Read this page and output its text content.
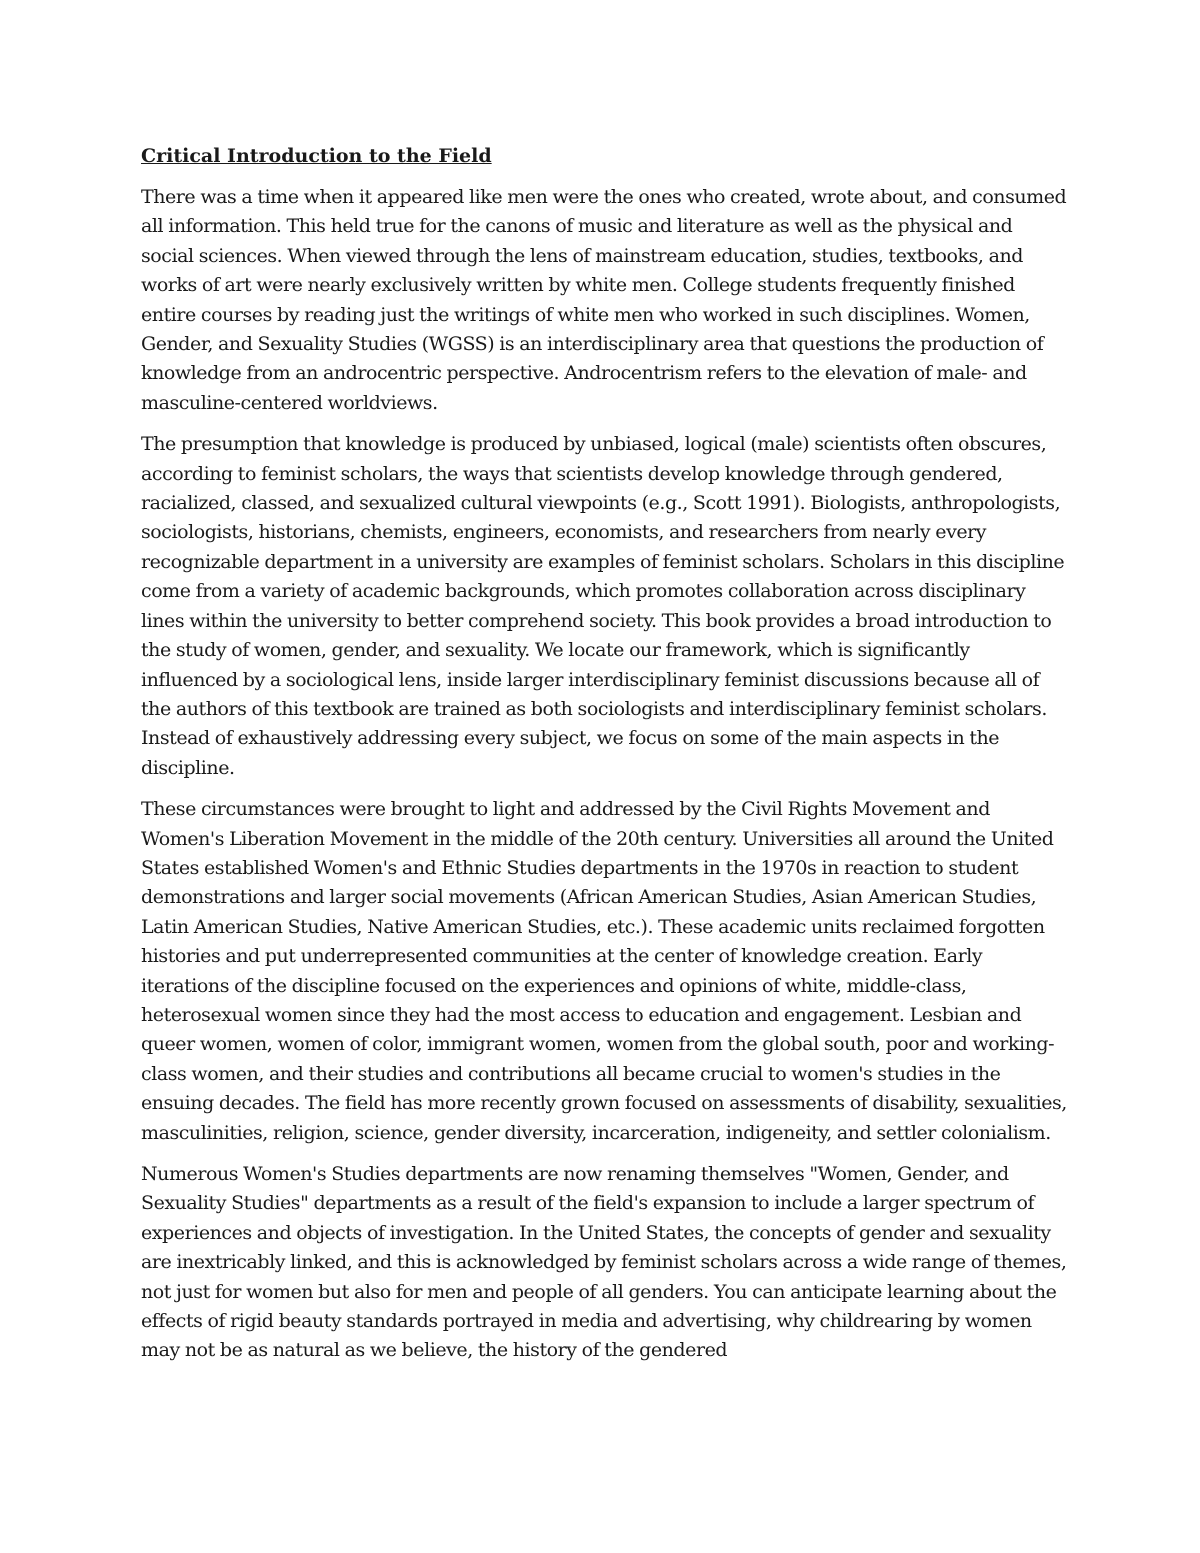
Critical Introduction to the Field

There was a time when it appeared like men were the ones who created, wrote about, and consumed all information. This held true for the canons of music and literature as well as the physical and social sciences. When viewed through the lens of mainstream education, studies, textbooks, and works of art were nearly exclusively written by white men. College students frequently finished entire courses by reading just the writings of white men who worked in such disciplines. Women, Gender, and Sexuality Studies (WGSS) is an interdisciplinary area that questions the production of knowledge from an androcentric perspective. Androcentrism refers to the elevation of male- and masculine-centered worldviews.

The presumption that knowledge is produced by unbiased, logical (male) scientists often obscures, according to feminist scholars, the ways that scientists develop knowledge through gendered, racialized, classed, and sexualized cultural viewpoints (e.g., Scott 1991). Biologists, anthropologists, sociologists, historians, chemists, engineers, economists, and researchers from nearly every recognizable department in a university are examples of feminist scholars. Scholars in this discipline come from a variety of academic backgrounds, which promotes collaboration across disciplinary lines within the university to better comprehend society. This book provides a broad introduction to the study of women, gender, and sexuality. We locate our framework, which is significantly influenced by a sociological lens, inside larger interdisciplinary feminist discussions because all of the authors of this textbook are trained as both sociologists and interdisciplinary feminist scholars. Instead of exhaustively addressing every subject, we focus on some of the main aspects in the discipline.

These circumstances were brought to light and addressed by the Civil Rights Movement and Women's Liberation Movement in the middle of the 20th century. Universities all around the United States established Women's and Ethnic Studies departments in the 1970s in reaction to student demonstrations and larger social movements (African American Studies, Asian American Studies, Latin American Studies, Native American Studies, etc.). These academic units reclaimed forgotten histories and put underrepresented communities at the center of knowledge creation. Early iterations of the discipline focused on the experiences and opinions of white, middle-class, heterosexual women since they had the most access to education and engagement. Lesbian and queer women, women of color, immigrant women, women from the global south, poor and working-class women, and their studies and contributions all became crucial to women's studies in the ensuing decades. The field has more recently grown focused on assessments of disability, sexualities, masculinities, religion, science, gender diversity, incarceration, indigeneity, and settler colonialism.

Numerous Women's Studies departments are now renaming themselves "Women, Gender, and Sexuality Studies" departments as a result of the field's expansion to include a larger spectrum of experiences and objects of investigation. In the United States, the concepts of gender and sexuality are inextricably linked, and this is acknowledged by feminist scholars across a wide range of themes, not just for women but also for men and people of all genders. You can anticipate learning about the effects of rigid beauty standards portrayed in media and advertising, why childrearing by women may not be as natural as we believe, the history of the gendered
